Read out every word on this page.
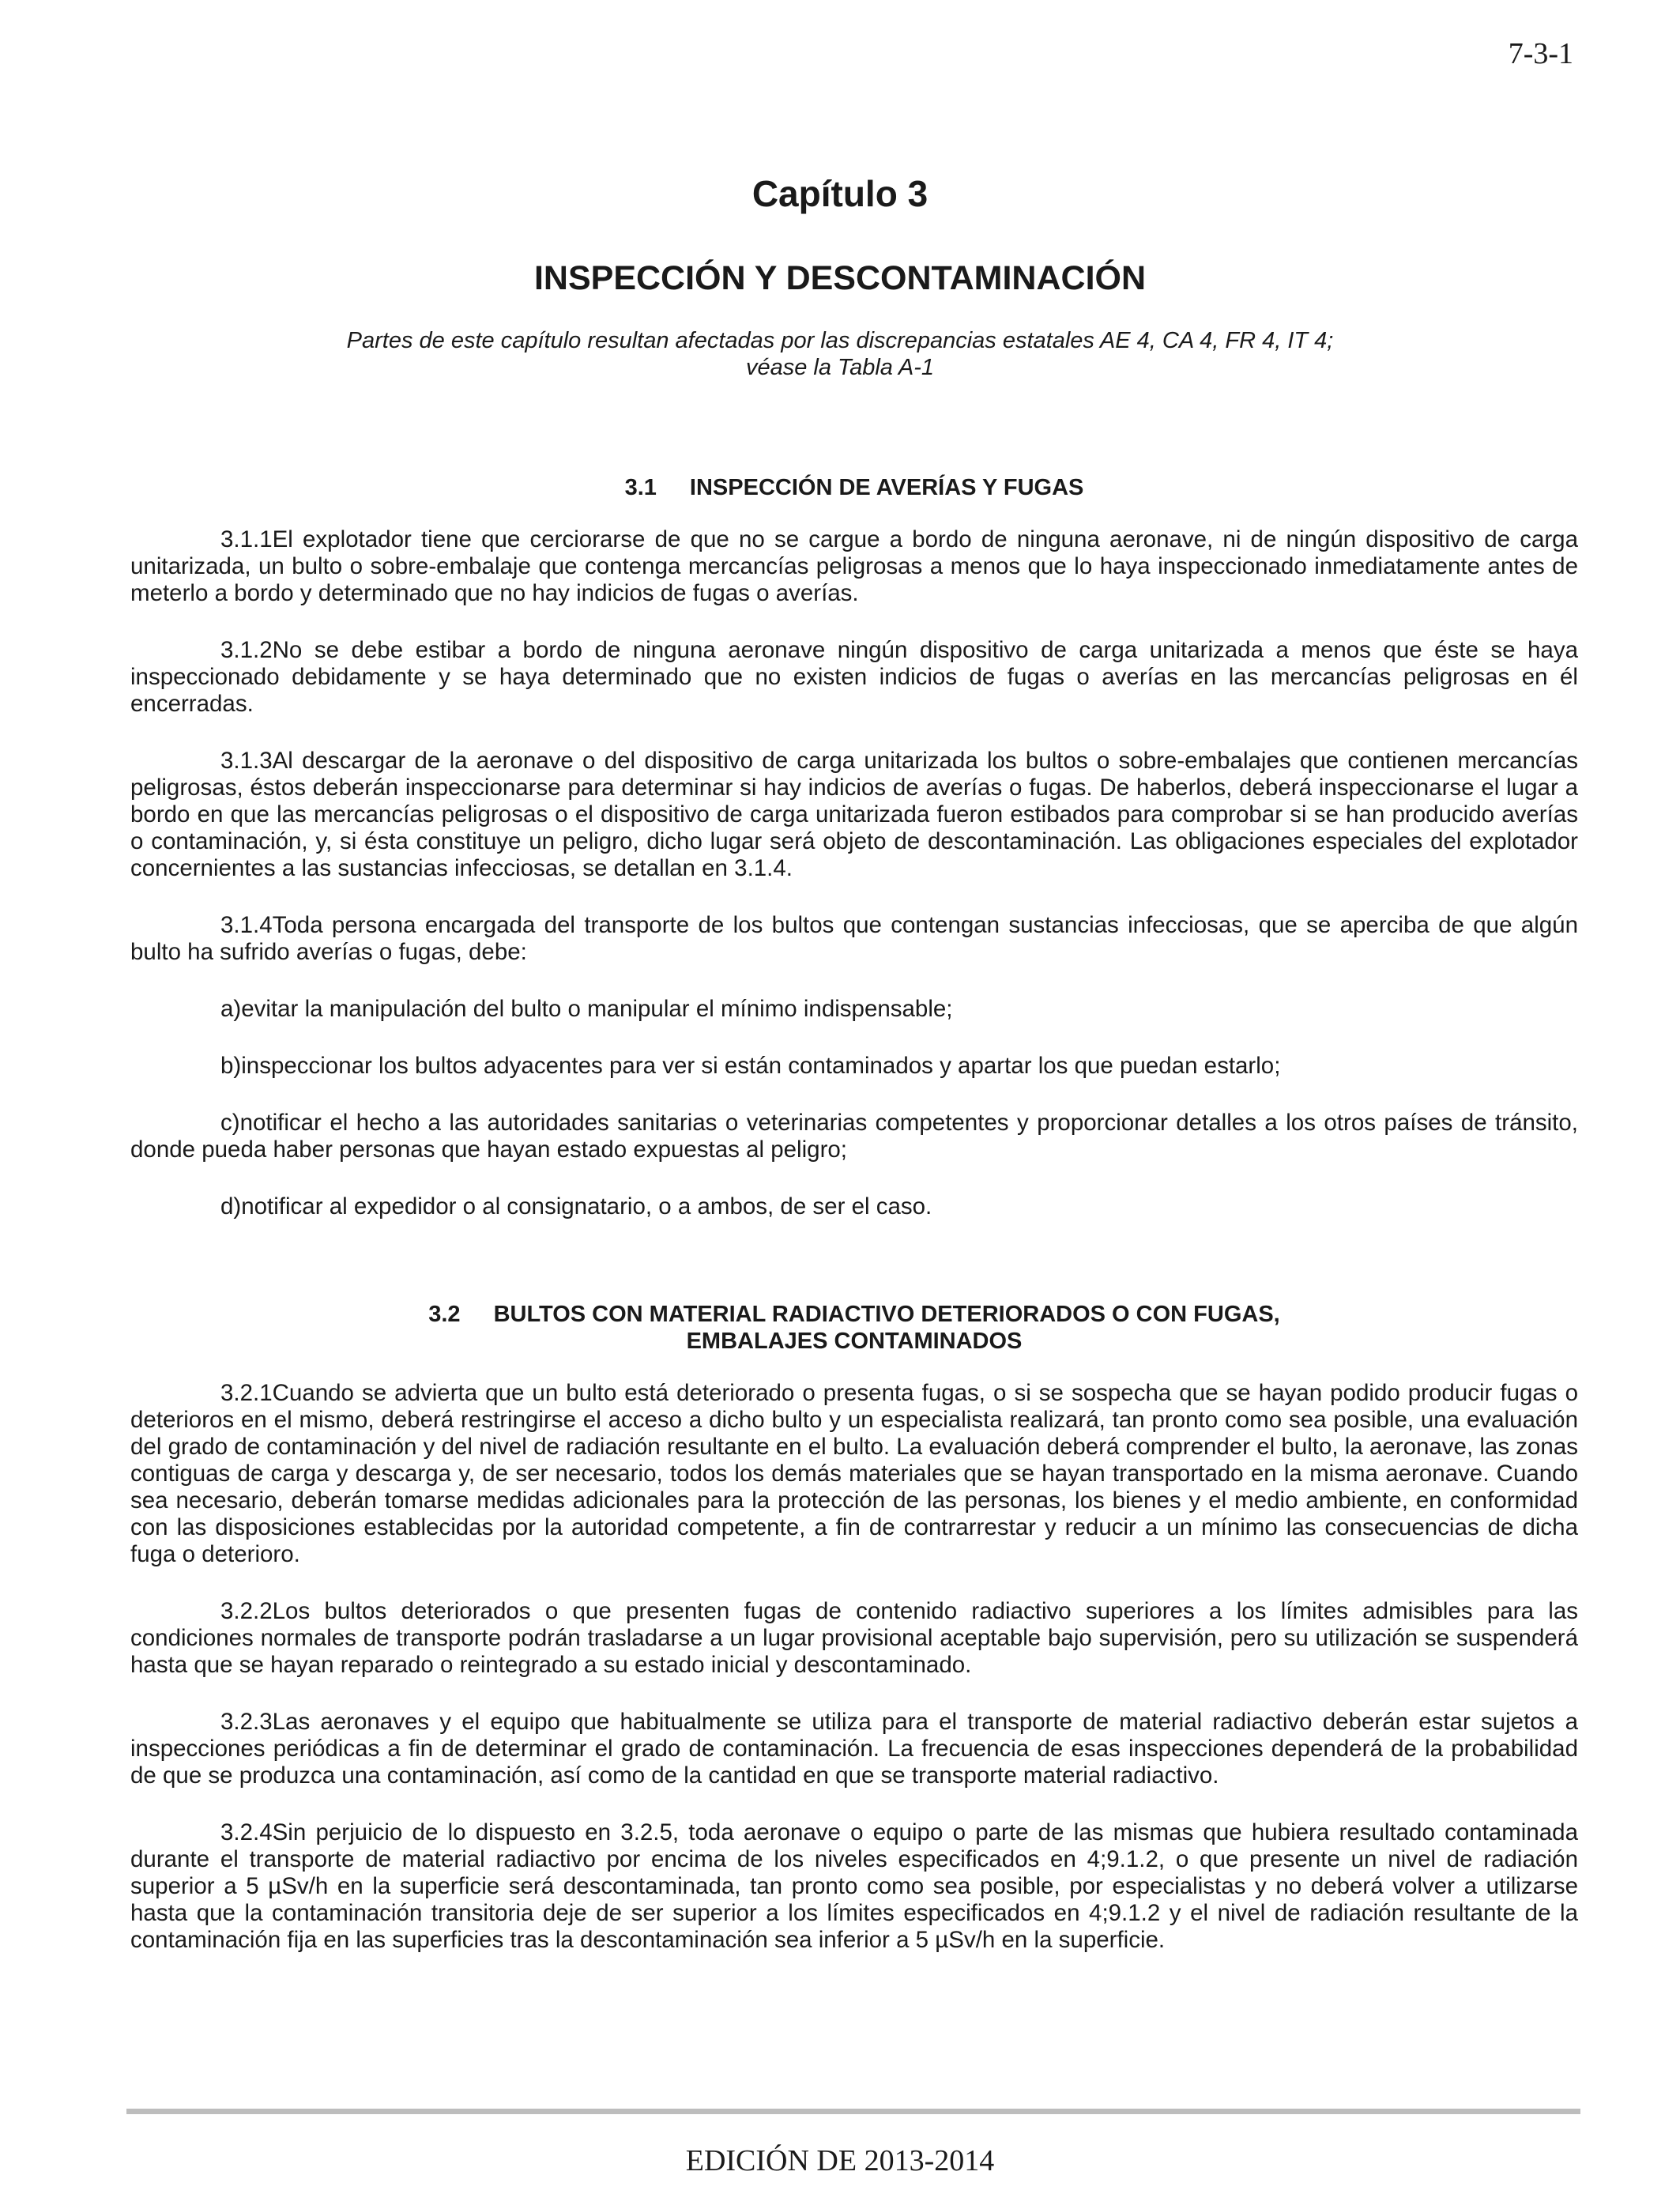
7-3-1
Capítulo 3
INSPECCIÓN Y DESCONTAMINACIÓN

Partes de este capítulo resultan afectadas por las discrepancias estatales AE 4, CA 4, FR 4, IT 4;
véase la Tabla A-1

3.1 INSPECCIÓN DE AVERÍAS Y FUGAS

3.1.1El explotador tiene que cerciorarse de que no se cargue a bordo de ninguna aeronave, ni de ningún dispositivo de carga unitarizada, un bulto o sobre-embalaje que contenga mercancías peligrosas a menos que lo haya inspeccionado inmediatamente antes de meterlo a bordo y determinado que no hay indicios de fugas o averías.

3.1.2No se debe estibar a bordo de ninguna aeronave ningún dispositivo de carga unitarizada a menos que éste se haya inspeccionado debidamente y se haya determinado que no existen indicios de fugas o averías en las mercancías peligrosas en él encerradas.

3.1.3Al descargar de la aeronave o del dispositivo de carga unitarizada los bultos o sobre-embalajes que contienen mercancías peligrosas, éstos deberán inspeccionarse para determinar si hay indicios de averías o fugas. De haberlos, deberá inspeccionarse el lugar a bordo en que las mercancías peligrosas o el dispositivo de carga unitarizada fueron estibados para comprobar si se han producido averías o contaminación, y, si ésta constituye un peligro, dicho lugar será objeto de descontaminación. Las obligaciones especiales del explotador concernientes a las sustancias infecciosas, se detallan en 3.1.4.

3.1.4Toda persona encargada del transporte de los bultos que contengan sustancias infecciosas, que se aperciba de que algún bulto ha sufrido averías o fugas, debe:

a)evitar la manipulación del bulto o manipular el mínimo indispensable;

b)inspeccionar los bultos adyacentes para ver si están contaminados y apartar los que puedan estarlo;

c)notificar el hecho a las autoridades sanitarias o veterinarias competentes y proporcionar detalles a los otros países de tránsito, donde pueda haber personas que hayan estado expuestas al peligro;

d)notificar al expedidor o al consignatario, o a ambos, de ser el caso.

3.2 BULTOS CON MATERIAL RADIACTIVO DETERIORADOS O CON FUGAS,
EMBALAJES CONTAMINADOS

3.2.1Cuando se advierta que un bulto está deteriorado o presenta fugas, o si se sospecha que se hayan podido producir fugas o deterioros en el mismo, deberá restringirse el acceso a dicho bulto y un especialista realizará, tan pronto como sea posible, una evaluación del grado de contaminación y del nivel de radiación resultante en el bulto. La evaluación deberá comprender el bulto, la aeronave, las zonas contiguas de carga y descarga y, de ser necesario, todos los demás materiales que se hayan transportado en la misma aeronave. Cuando sea necesario, deberán tomarse medidas adicionales para la protección de las personas, los bienes y el medio ambiente, en conformidad con las disposiciones establecidas por la autoridad competente, a fin de contrarrestar y reducir a un mínimo las consecuencias de dicha fuga o deterioro.

3.2.2Los bultos deteriorados o que presenten fugas de contenido radiactivo superiores a los límites admisibles para las condiciones normales de transporte podrán trasladarse a un lugar provisional aceptable bajo supervisión, pero su utilización se suspenderá hasta que se hayan reparado o reintegrado a su estado inicial y descontaminado.

3.2.3Las aeronaves y el equipo que habitualmente se utiliza para el transporte de material radiactivo deberán estar sujetos a inspecciones periódicas a fin de determinar el grado de contaminación. La frecuencia de esas inspecciones dependerá de la probabilidad de que se produzca una contaminación, así como de la cantidad en que se transporte material radiactivo.

3.2.4Sin perjuicio de lo dispuesto en 3.2.5, toda aeronave o equipo o parte de las mismas que hubiera resultado contaminada durante el transporte de material radiactivo por encima de los niveles especificados en 4;9.1.2, o que presente un nivel de radiación superior a 5 µSv/h en la superficie será descontaminada, tan pronto como sea posible, por especialistas y no deberá volver a utilizarse hasta que la contaminación transitoria deje de ser superior a los límites especificados en 4;9.1.2 y el nivel de radiación resultante de la contaminación fija en las superficies tras la descontaminación sea inferior a 5 µSv/h en la superficie.

EDICIÓN DE 2013-2014
